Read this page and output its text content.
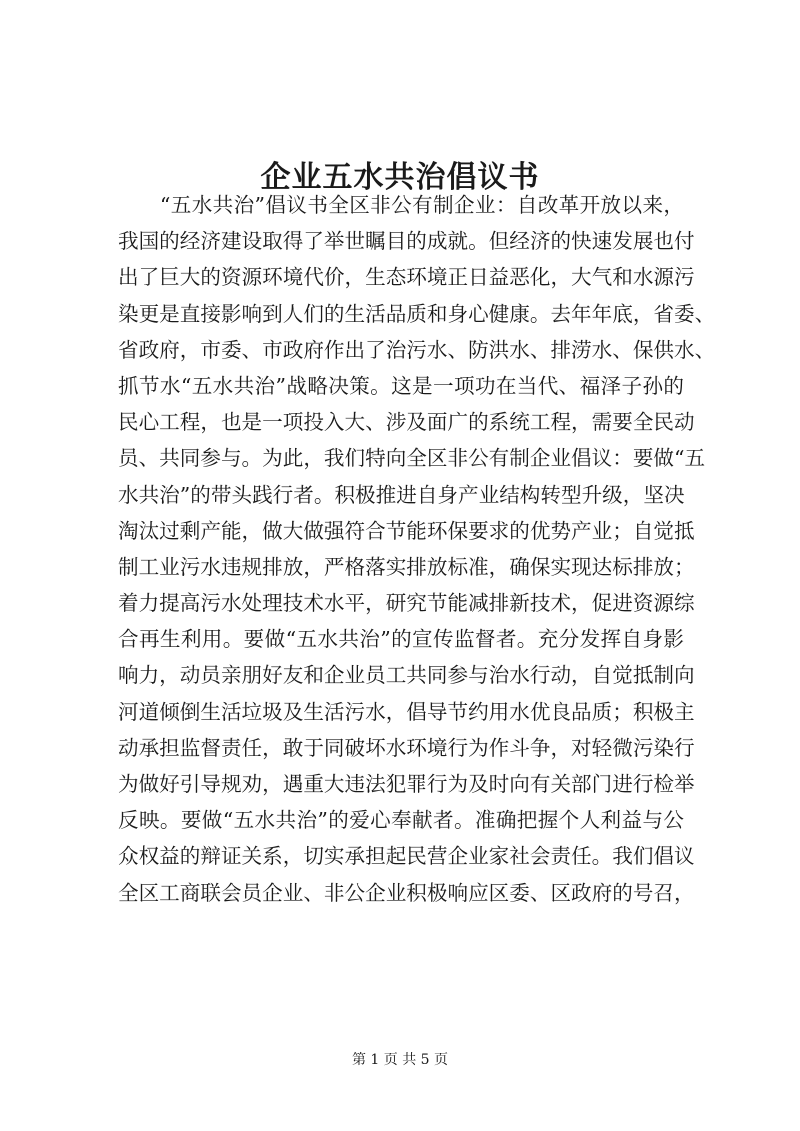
企业五水共治倡议书
　　“五水共治”倡议书全区非公有制企业：自改革开放以来，
我国的经济建设取得了举世瞩目的成就。但经济的快速发展也付
出了巨大的资源环境代价，生态环境正日益恶化，大气和水源污
染更是直接影响到人们的生活品质和身心健康。去年年底，省委、
省政府，市委、市政府作出了治污水、防洪水、排涝水、保供水、
抓节水“五水共治”战略决策。这是一项功在当代、福泽子孙的
民心工程，也是一项投入大、涉及面广的系统工程，需要全民动
员、共同参与。为此，我们特向全区非公有制企业倡议：要做“五
水共治”的带头践行者。积极推进自身产业结构转型升级，坚决
淘汰过剩产能，做大做强符合节能环保要求的优势产业；自觉抵
制工业污水违规排放，严格落实排放标准，确保实现达标排放；
着力提高污水处理技术水平，研究节能减排新技术，促进资源综
合再生利用。要做“五水共治”的宣传监督者。充分发挥自身影
响力，动员亲朋好友和企业员工共同参与治水行动，自觉抵制向
河道倾倒生活垃圾及生活污水，倡导节约用水优良品质；积极主
动承担监督责任，敢于同破坏水环境行为作斗争，对轻微污染行
为做好引导规劝，遇重大违法犯罪行为及时向有关部门进行检举
反映。要做“五水共治”的爱心奉献者。准确把握个人利益与公
众权益的辩证关系，切实承担起民营企业家社会责任。我们倡议
全区工商联会员企业、非公企业积极响应区委、区政府的号召，
第 1 页 共 5 页
